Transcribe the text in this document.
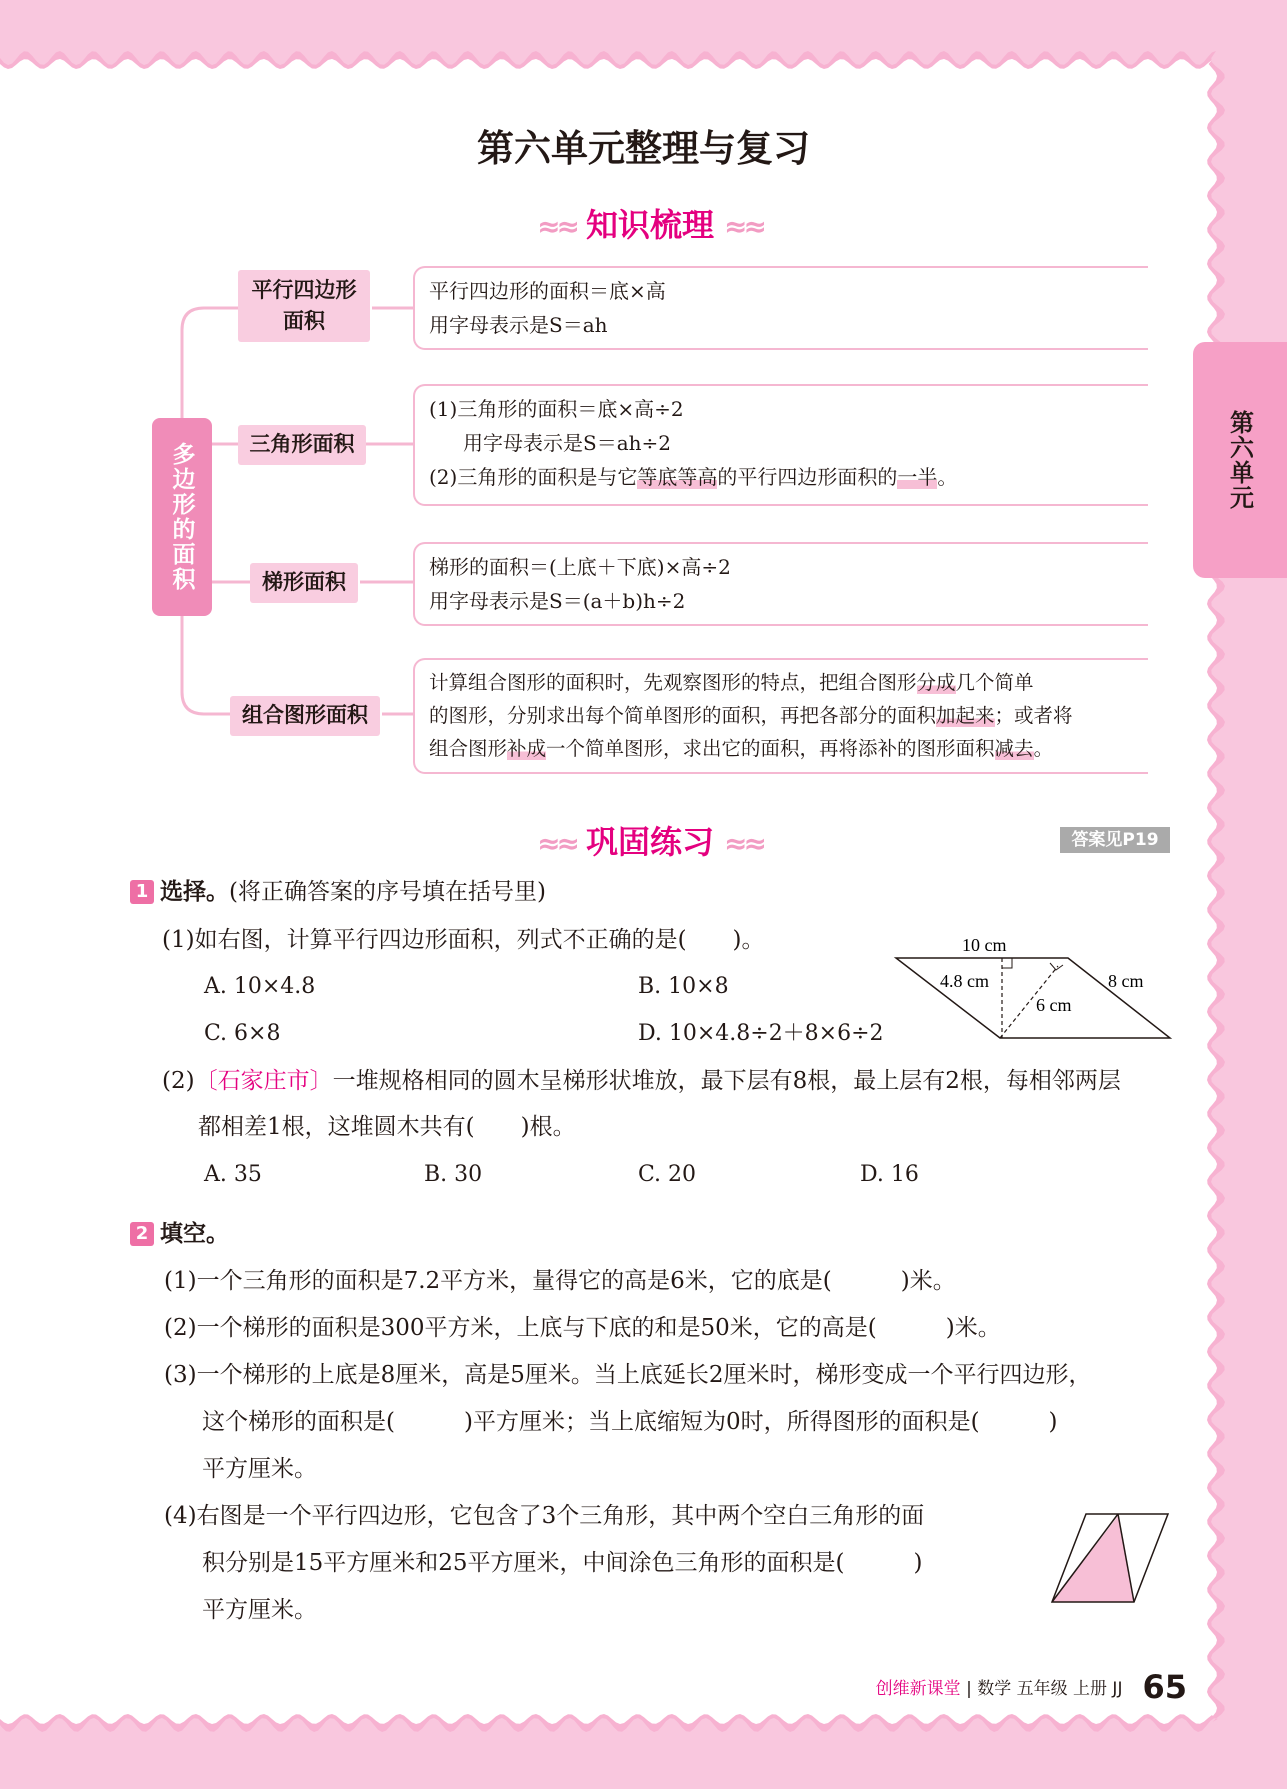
第六单元整理与复习
≈≈ 知识梳理 ≈≈
第六单元
多边形的面积
平行四边形
面积
三角形面积
梯形面积
组合图形面积
平行四边形的面积＝底×高
用字母表示是S＝ah
(1)三角形的面积＝底×高÷2
用字母表示是S＝ah÷2
(2)三角形的面积是与它等底等高的平行四边形面积的一半。
梯形的面积＝(上底＋下底)×高÷2
用字母表示是S＝(a＋b)h÷2
计算组合图形的面积时，先观察图形的特点，把组合图形分成几个简单
的图形，分别求出每个简单图形的面积，再把各部分的面积加起来；或者将
组合图形补成一个简单图形，求出它的面积，再将添补的图形面积减去。
≈≈ 巩固练习 ≈≈	答案见P19
1 选择。(将正确答案的序号填在括号里)
(1)如右图，计算平行四边形面积，列式不正确的是(　　)。
A. 10×4.8	B. 10×8
C. 6×8	D. 10×4.8÷2＋8×6÷2
10 cm
4.8 cm	8 cm
6 cm
(2)〔石家庄市〕一堆规格相同的圆木呈梯形状堆放，最下层有8根，最上层有2根，每相邻两层
都相差1根，这堆圆木共有(　　)根。
A. 35	B. 30	C. 20	D. 16
2 填空。
(1)一个三角形的面积是7.2平方米，量得它的高是6米，它的底是(　　　)米。
(2)一个梯形的面积是300平方米，上底与下底的和是50米，它的高是(　　　)米。
(3)一个梯形的上底是8厘米，高是5厘米。当上底延长2厘米时，梯形变成一个平行四边形，
这个梯形的面积是(　　　)平方厘米；当上底缩短为0时，所得图形的面积是(　　　)
平方厘米。
(4)右图是一个平行四边形，它包含了3个三角形，其中两个空白三角形的面
积分别是15平方厘米和25平方厘米，中间涂色三角形的面积是(　　　)
平方厘米。
创维新课堂 | 数学 五年级 上册 JJ 65
